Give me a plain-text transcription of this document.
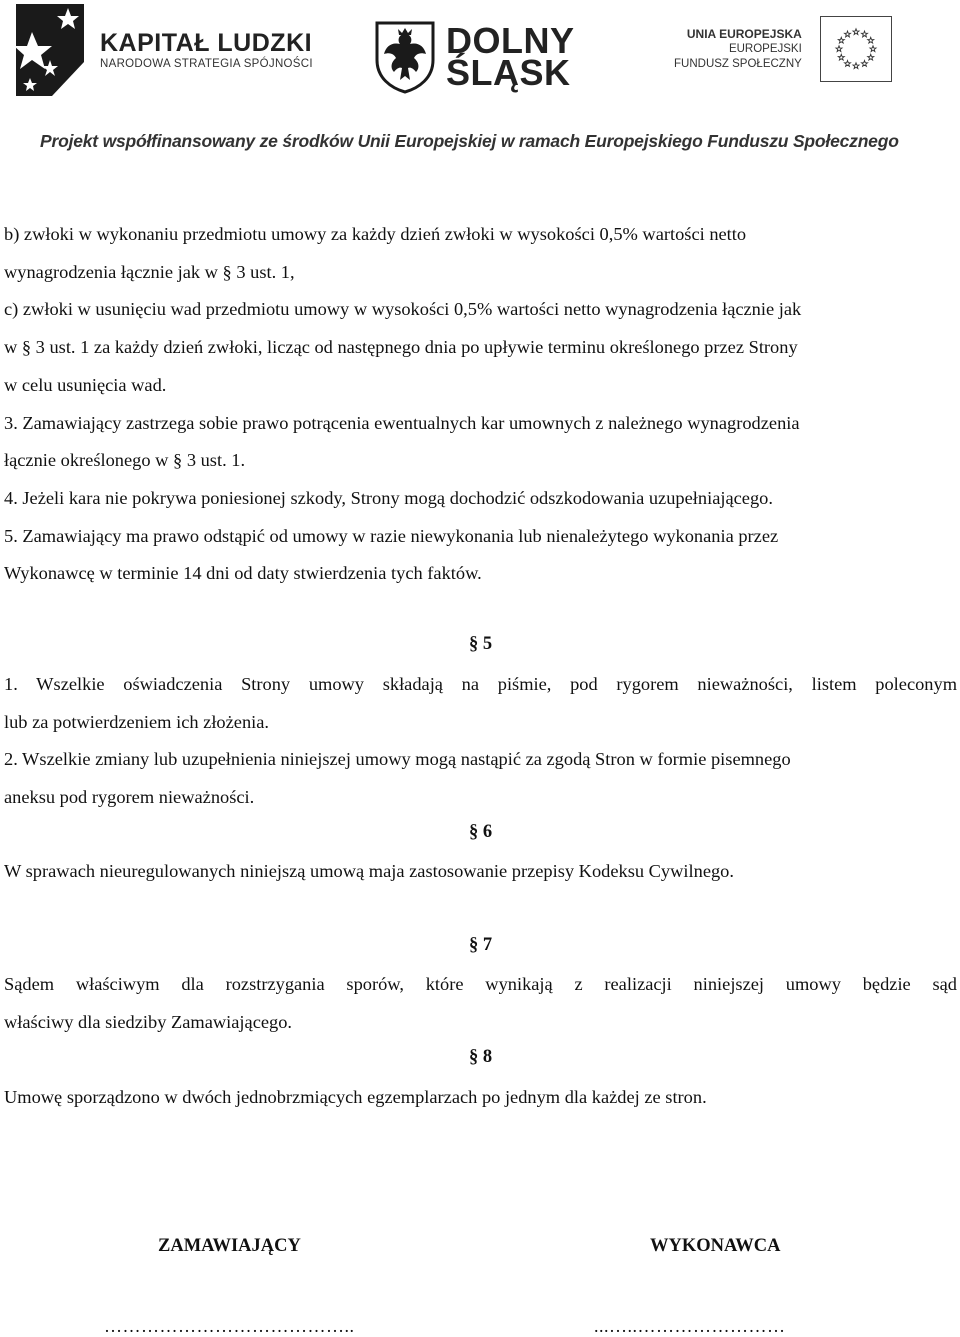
KAPITAŁ LUDZKI
NARODOWA STRATEGIA SPÓJNOŚCI
DOLNY
ŚLĄSK
UNIA EUROPEJSKA
EUROPEJSKI
FUNDUSZ SPOŁECZNY
Projekt współfinansowany ze środków Unii Europejskiej w ramach Europejskiego Funduszu Społecznego

b) zwłoki w wykonaniu przedmiotu umowy za każdy dzień zwłoki w wysokości 0,5% wartości netto

wynagrodzenia łącznie jak w § 3 ust. 1,

c) zwłoki w usunięciu wad przedmiotu umowy w wysokości 0,5% wartości netto wynagrodzenia łącznie jak

w § 3 ust. 1 za każdy dzień zwłoki, licząc od następnego dnia po upływie terminu określonego przez Strony

w celu usunięcia wad.

3. Zamawiający zastrzega sobie prawo potrącenia ewentualnych kar umownych z należnego wynagrodzenia

łącznie określonego w § 3 ust. 1.

4. Jeżeli kara nie pokrywa poniesionej szkody, Strony mogą dochodzić odszkodowania uzupełniającego.

5. Zamawiający ma prawo odstąpić od umowy w razie niewykonania lub nienależytego wykonania przez

Wykonawcę w terminie 14 dni od daty stwierdzenia tych faktów.

§ 5

1. Wszelkie oświadczenia Strony umowy składają na piśmie, pod rygorem nieważności, listem poleconym

lub za potwierdzeniem ich złożenia.

2. Wszelkie zmiany lub uzupełnienia niniejszej umowy mogą nastąpić za zgodą Stron w formie pisemnego

aneksu pod rygorem nieważności.

§ 6

W sprawach nieuregulowanych niniejszą umową maja zastosowanie przepisy Kodeksu Cywilnego.

§ 7

Sądem właściwym dla rozstrzygania sporów, które wynikają z realizacji niniejszej umowy będzie sąd

właściwy dla siedziby Zamawiającego.

§ 8

Umowę sporządzono w dwóch jednobrzmiących egzemplarzach po jednym dla każdej ze stron.

ZAMAWIAJĄCY	WYKONAWCA
…………………………………..	...…..……………………
